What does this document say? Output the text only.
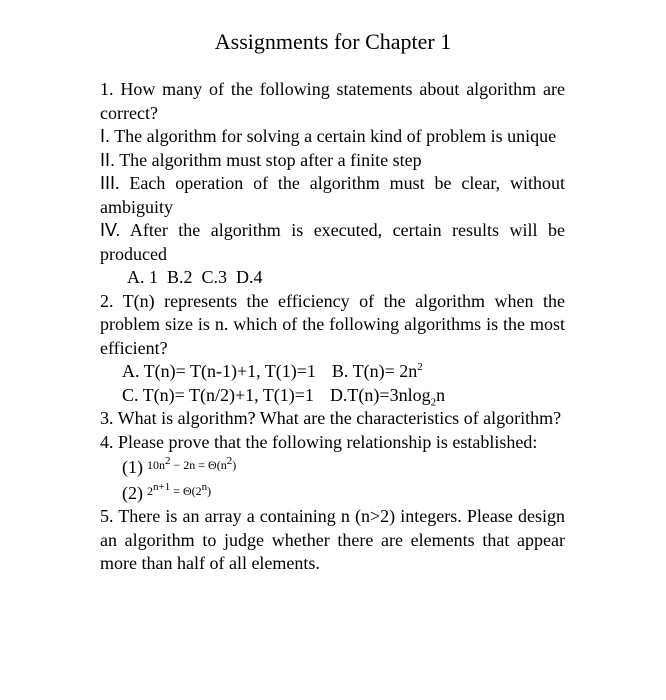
Assignments for Chapter 1

1. How many of the following statements about algorithm are correct?

I. The algorithm for solving a certain kind of problem is unique

II. The algorithm must stop after a finite step

III. Each operation of the algorithm must be clear, without ambiguity

IV. After the algorithm is executed, certain results will be produced

A. 1  B.2  C.3  D.4

2. T(n) represents the efficiency of the algorithm when the problem size is n. which of the following algorithms is the most efficient?

A. T(n)= T(n-1)+1, T(1)=1 B. $T(n)= 2n^2$
C. T(n)= T(n/2)+1, T(1)=1 D.T(n)=3nlog$_2$n

3. What is algorithm? What are the characteristics of algorithm?

4. Please prove that the following relationship is established:

(1) $^{10n^2 - 2n = \Theta(n^2)}$
(2) $^{2^{n+1} = \Theta(2^n)}$

5. There is an array a containing n (n>2) integers. Please design an algorithm to judge whether there are elements that appear more than half of all elements.
